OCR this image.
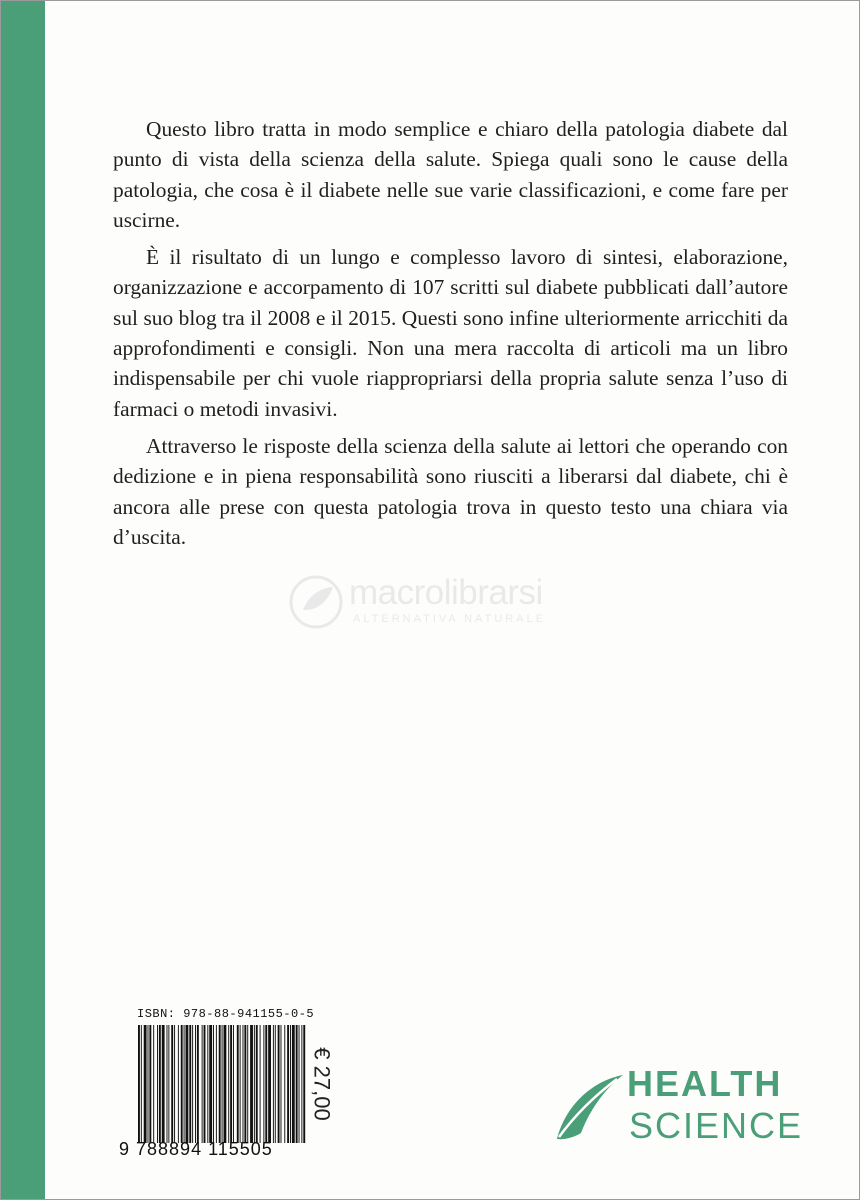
Questo libro tratta in modo semplice e chiaro della patologia diabete dal punto di vista della scienza della salute. Spiega quali sono le cause della patologia, che cosa è il diabete nelle sue varie classificazioni, e come fare per uscirne.

È il risultato di un lungo e complesso lavoro di sintesi, elaborazione, organizzazione e accorpamento di 107 scritti sul diabete pubblicati dall’autore sul suo blog tra il 2008 e il 2015. Questi sono infine ulteriormente arricchiti da approfondimenti e consigli. Non una mera raccolta di articoli ma un libro indispensabile per chi vuole riappropriarsi della propria salute senza l’uso di farmaci o metodi invasivi.

Attraverso le risposte della scienza della salute ai lettori che operando con dedizione e in piena responsabilità sono riusciti a liberarsi dal diabete, chi è ancora alle prese con questa patologia trova in questo testo una chiara via d’uscita.

macrolibrarsi
ALTERNATIVA NATURALE
ISBN: 978-88-941155-0-5
9 788894 115505
€ 27,00	HEALTH
SCIENCE
